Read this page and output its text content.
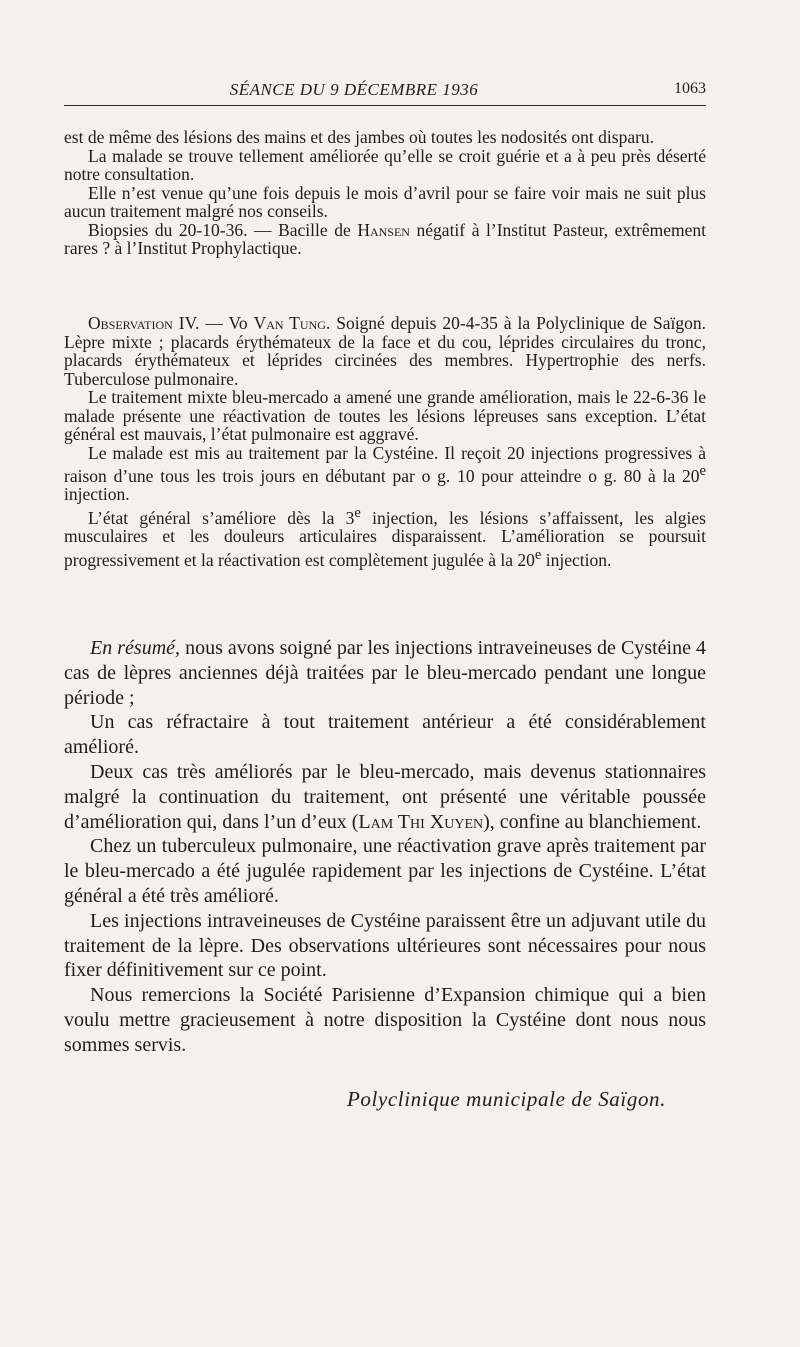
SÉANCE DU 9 DÉCEMBRE 1936	1063

est de même des lésions des mains et des jambes où toutes les nodosités ont disparu.

La malade se trouve tellement améliorée qu’elle se croit guérie et a à peu près déserté notre consultation.

Elle n’est venue qu’une fois depuis le mois d’avril pour se faire voir mais ne suit plus aucun traitement malgré nos conseils.

Biopsies du 20-10-36. — Bacille de Hansen négatif à l’Institut Pasteur, extrêmement rares ? à l’Institut Prophylactique.

Observation IV. — Vo Van Tung. Soigné depuis 20-4-35 à la Polyclinique de Saïgon. Lèpre mixte ; placards érythémateux de la face et du cou, léprides circulaires du tronc, placards érythémateux et léprides circinées des membres. Hypertrophie des nerfs. Tuberculose pulmonaire.

Le traitement mixte bleu-mercado a amené une grande amélioration, mais le 22-6-36 le malade présente une réactivation de toutes les lésions lépreuses sans exception. L’état général est mauvais, l’état pulmonaire est aggravé.

Le malade est mis au traitement par la Cystéine. Il reçoit 20 injections progressives à raison d’une tous les trois jours en débutant par o g. 10 pour atteindre o g. 80 à la 20e injection.

L’état général s’améliore dès la 3e injection, les lésions s’affaissent, les algies musculaires et les douleurs articulaires disparaissent. L’amélioration se poursuit progressivement et la réactivation est complètement jugulée à la 20e injection.

En résumé, nous avons soigné par les injections intraveineuses de Cystéine 4 cas de lèpres anciennes déjà traitées par le bleu-mercado pendant une longue période ;

Un cas réfractaire à tout traitement antérieur a été considérablement amélioré.

Deux cas très améliorés par le bleu-mercado, mais devenus stationnaires malgré la continuation du traitement, ont présenté une véritable poussée d’amélioration qui, dans l’un d’eux (Lam Thi Xuyen), confine au blanchiement.

Chez un tuberculeux pulmonaire, une réactivation grave après traitement par le bleu-mercado a été jugulée rapidement par les injections de Cystéine. L’état général a été très amélioré.

Les injections intraveineuses de Cystéine paraissent être un adjuvant utile du traitement de la lèpre. Des observations ultérieures sont nécessaires pour nous fixer définitivement sur ce point.

Nous remercions la Société Parisienne d’Expansion chimique qui a bien voulu mettre gracieusement à notre disposition la Cystéine dont nous nous sommes servis.

Polyclinique municipale de Saïgon.
